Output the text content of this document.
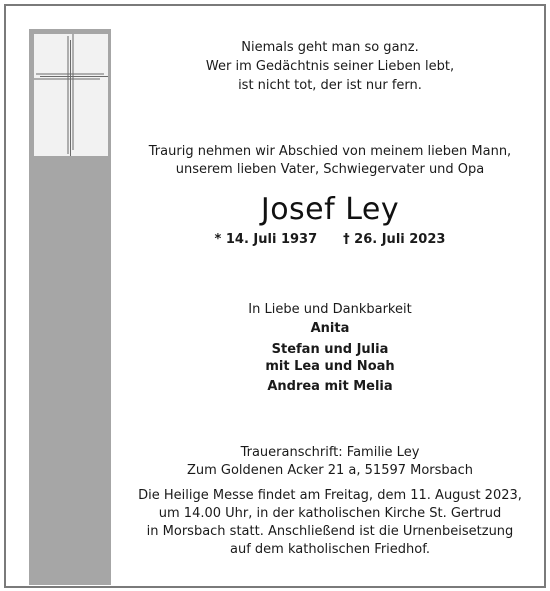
Niemals geht man so ganz.
Wer im Gedächtnis seiner Lieben lebt,
ist nicht tot, der ist nur fern.
Traurig nehmen wir Abschied von meinem lieben Mann,
unserem lieben Vater, Schwiegervater und Opa
Josef Ley
* 14. Juli 1937 † 26. Juli 2023
In Liebe und Dankbarkeit
Anita
Stefan und Julia
mit Lea und Noah
Andrea mit Melia
Traueranschrift: Familie Ley
Zum Goldenen Acker 21 a, 51597 Morsbach
Die Heilige Messe findet am Freitag, dem 11. August 2023,
um 14.00 Uhr, in der katholischen Kirche St. Gertrud
in Morsbach statt. Anschließend ist die Urnenbeisetzung
auf dem katholischen Friedhof.
